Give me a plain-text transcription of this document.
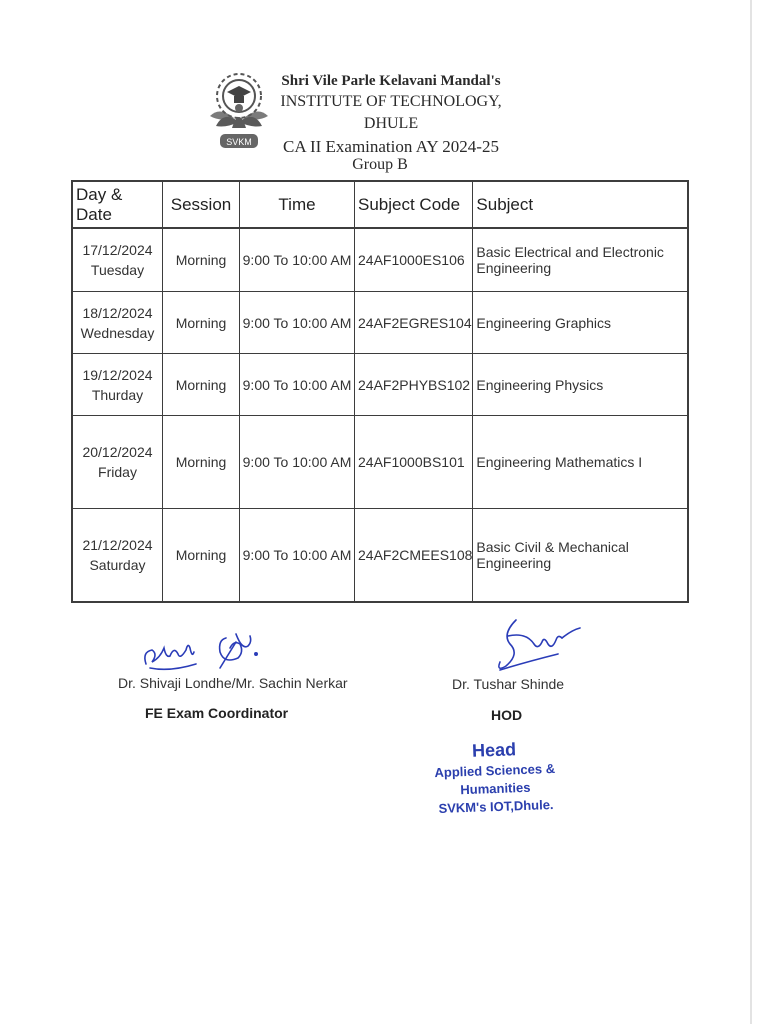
SVKM
Shri Vile Parle Kelavani Mandal's
INSTITUTE OF TECHNOLOGY, DHULE
CA II Examination AY 2024-25
Group B
Day & Date	Session	Time	Subject Code	Subject

17/12/2024
Tuesday	Morning	9:00 To 10:00 AM	24AF1000ES106	Basic Electrical and Electronic Engineering

18/12/2024
Wednesday	Morning	9:00 To 10:00 AM	24AF2EGRES104	Engineering Graphics

19/12/2024
Thurday	Morning	9:00 To 10:00 AM	24AF2PHYBS102	Engineering Physics

20/12/2024
Friday	Morning	9:00 To 10:00 AM	24AF1000BS101	Engineering Mathematics I

21/12/2024
Saturday	Morning	9:00 To 10:00 AM	24AF2CMEES108	Basic Civil & Mechanical Engineering
Dr. Shivaji Londhe/Mr. Sachin Nerkar
FE Exam Coordinator
Dr. Tushar Shinde
HOD
Head
Applied Sciences & Humanities
SVKM's IOT,Dhule.
